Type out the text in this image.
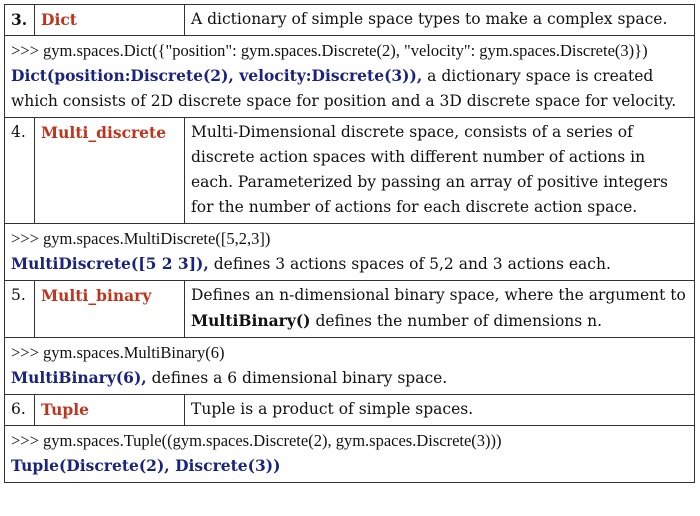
3.	Dict	A dictionary of simple space types to make a complex space.

>>> gym.spaces.Dict({"position": gym.spaces.Discrete(2), "velocity": gym.spaces.Discrete(3)})
Dict(position:Discrete(2), velocity:Discrete(3)), a dictionary space is created which consists of 2D discrete space for position and a 3D discrete space for velocity.		

4.	Multi_discrete	Multi-Dimensional discrete space, consists of a series of discrete action spaces with different number of actions in each. Parameterized by passing an array of positive integers for the number of actions for each discrete action space.

>>> gym.spaces.MultiDiscrete([5,2,3])
MultiDiscrete([5 2 3]), defines 3 actions spaces of 5,2 and 3 actions each.		

5.	Multi_binary	Defines an n-dimensional binary space, where the argument to MultiBinary() defines the number of dimensions n.

>>> gym.spaces.MultiBinary(6)
MultiBinary(6), defines a 6 dimensional binary space.		

6.	Tuple	Tuple is a product of simple spaces.

>>> gym.spaces.Tuple((gym.spaces.Discrete(2), gym.spaces.Discrete(3)))
Tuple(Discrete(2), Discrete(3))		
